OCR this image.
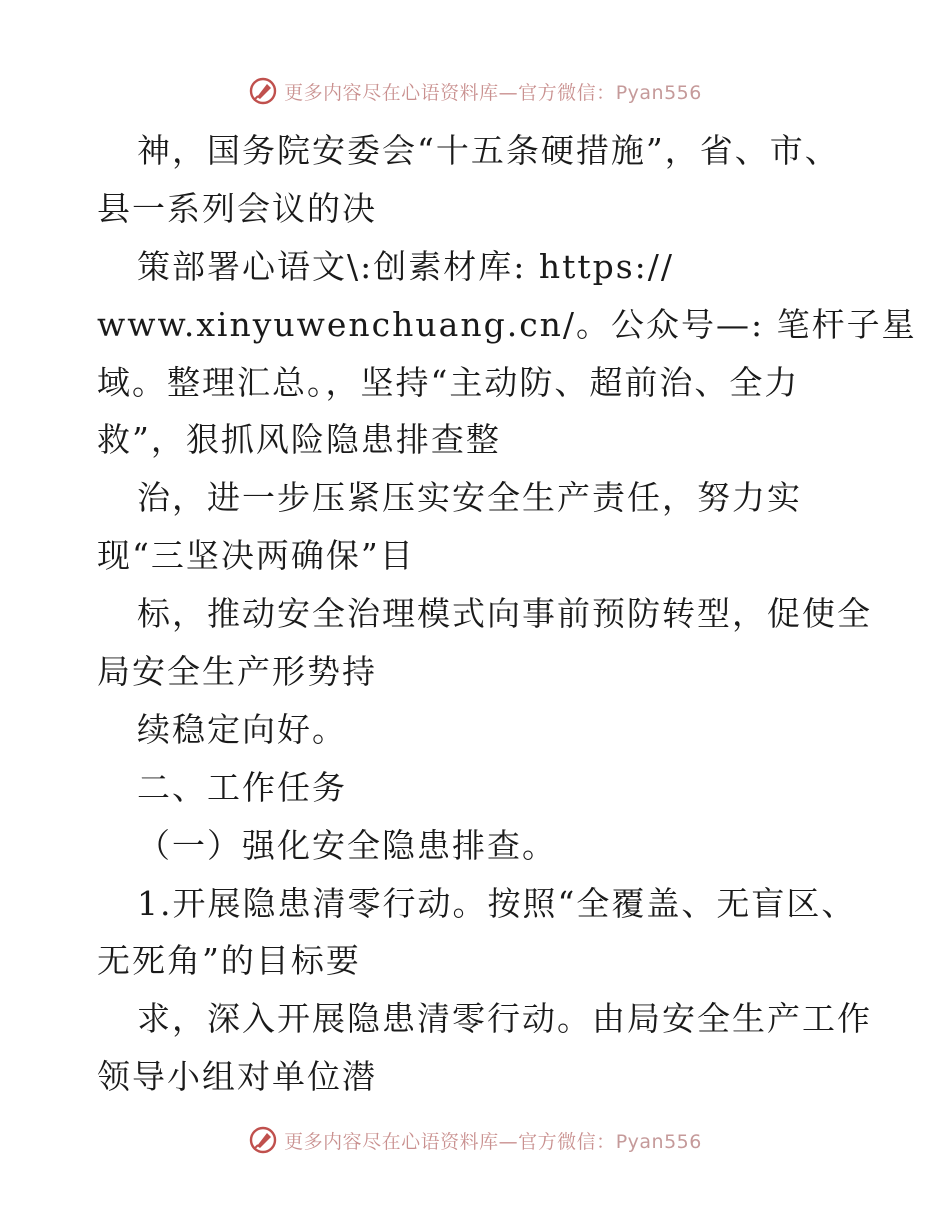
更多内容尽在心语资料库—官方微信：Pyan556
神，国务院安委会“十五条硬措施”，省、市、
县一系列会议的决
策部署心语文\:创素材库: https://
www.xinyuwenchuang.cn/。公众号—: 笔杆子星
域。整理汇总。，坚持“主动防、超前治、全力
救”，狠抓风险隐患排查整
治，进一步压紧压实安全生产责任，努力实
现“三坚决两确保”目
标，推动安全治理模式向事前预防转型，促使全
局安全生产形势持
续稳定向好。
二、工作任务
（一）强化安全隐患排查。
1.开展隐患清零行动。按照“全覆盖、无盲区、
无死角”的目标要
求，深入开展隐患清零行动。由局安全生产工作
领导小组对单位潜
更多内容尽在心语资料库—官方微信：Pyan556
